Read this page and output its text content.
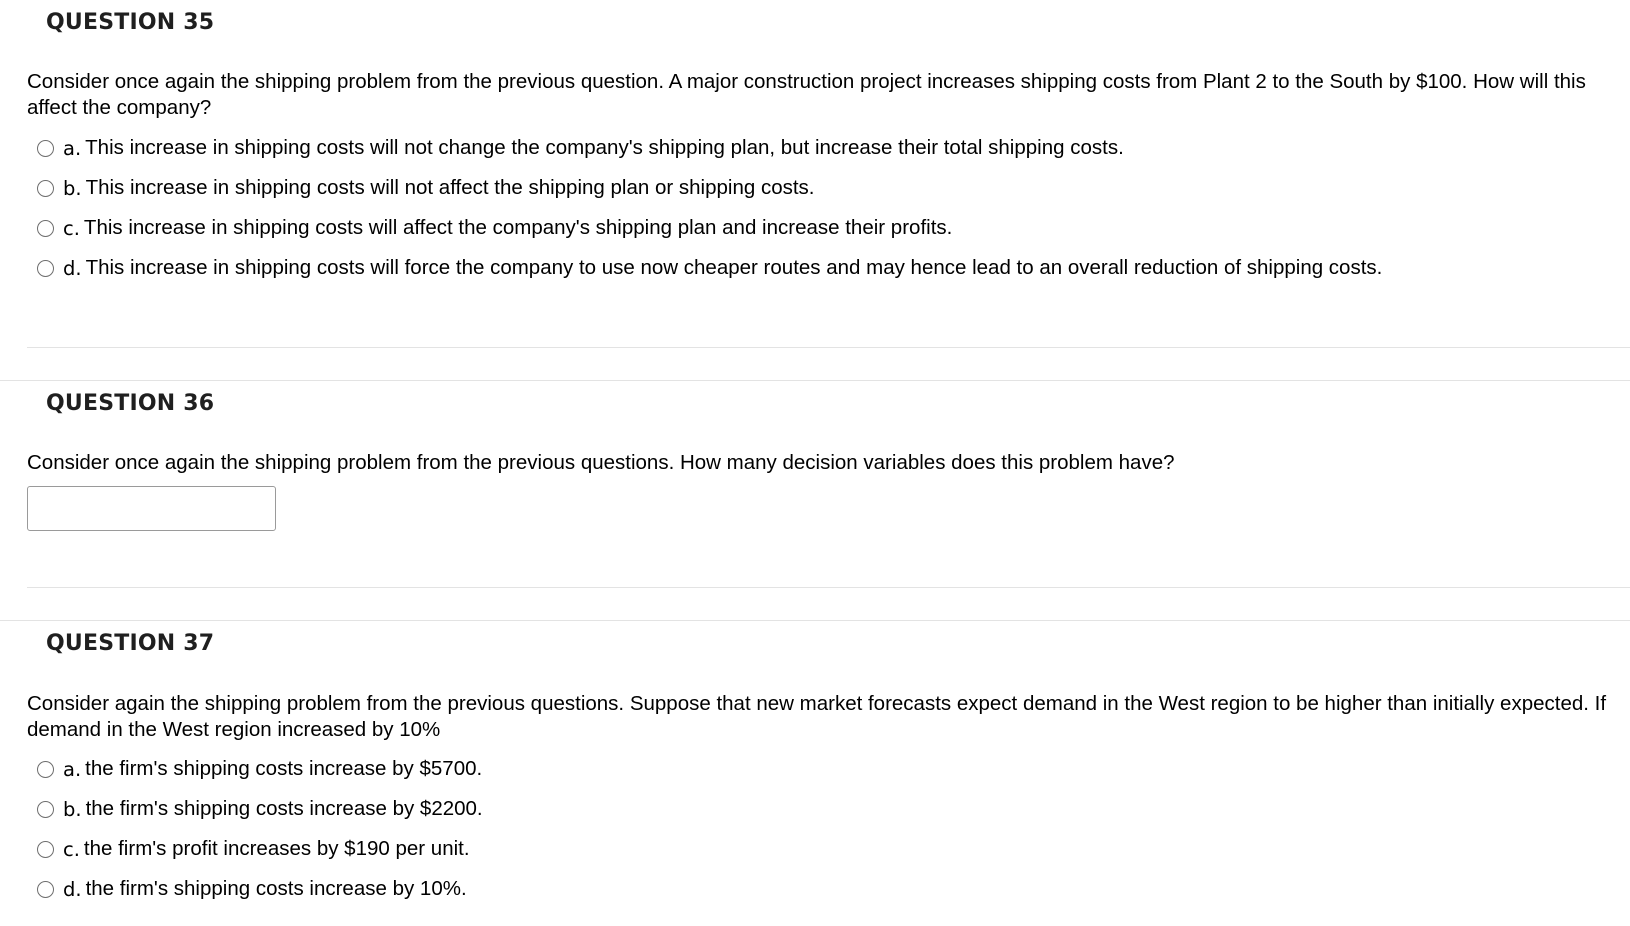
QUESTION 35

Consider once again the shipping problem from the previous question. A major construction project increases shipping costs from Plant 2 to the South by $100. How will this affect the company?

a. This increase in shipping costs will not change the company's shipping plan, but increase their total shipping costs.
b. This increase in shipping costs will not affect the shipping plan or shipping costs.
c. This increase in shipping costs will affect the company's shipping plan and increase their profits.
d. This increase in shipping costs will force the company to use now cheaper routes and may hence lead to an overall reduction of shipping costs.
QUESTION 36

Consider once again the shipping problem from the previous questions. How many decision variables does this problem have?

QUESTION 37

Consider again the shipping problem from the previous questions. Suppose that new market forecasts expect demand in the West region to be higher than initially expected. If demand in the West region increased by 10%

a. the firm's shipping costs increase by $5700.
b. the firm's shipping costs increase by $2200.
c. the firm's profit increases by $190 per unit.
d. the firm's shipping costs increase by 10%.
